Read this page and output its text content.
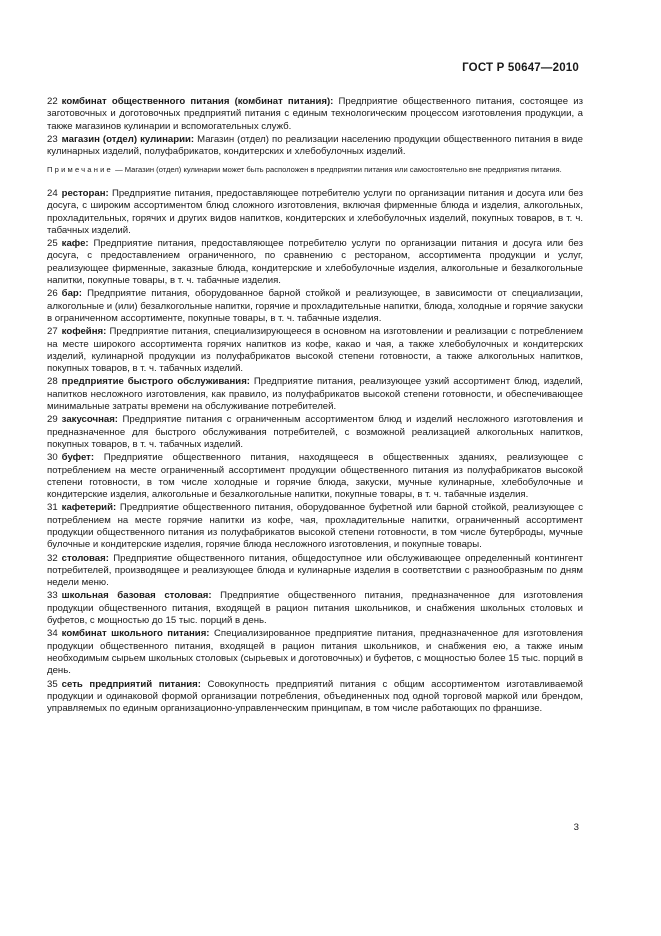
ГОСТ Р 50647—2010

22 комбинат общественного питания (комбинат питания): Предприятие общественного питания, состоящее из заготовочных и доготовочных предприятий питания с единым технологическим процессом изготовления продукции, а также магазинов кулинарии и вспомогательных служб.

23 магазин (отдел) кулинарии: Магазин (отдел) по реализации населению продукции общественного питания в виде кулинарных изделий, полуфабрикатов, кондитерских и хлебобулочных изделий.

Примечание — Магазин (отдел) кулинарии может быть расположен в предприятии питания или самостоятельно вне предприятия питания.

24 ресторан: Предприятие питания, предоставляющее потребителю услуги по организации питания и досуга или без досуга, с широким ассортиментом блюд сложного изготовления, включая фирменные блюда и изделия, алкогольных, прохладительных, горячих и других видов напитков, кондитерских и хлебобулочных изделий, покупных товаров, в т. ч. табачных изделий.

25 кафе: Предприятие питания, предоставляющее потребителю услуги по организации питания и досуга или без досуга, с предоставлением ограниченного, по сравнению с рестораном, ассортимента продукции и услуг, реализующее фирменные, заказные блюда, кондитерские и хлебобулочные изделия, алкогольные и безалкогольные напитки, покупные товары, в т. ч. табачные изделия.

26 бар: Предприятие питания, оборудованное барной стойкой и реализующее, в зависимости от специализации, алкогольные и (или) безалкогольные напитки, горячие и прохладительные напитки, блюда, холодные и горячие закуски в ограниченном ассортименте, покупные товары, в т. ч. табачные изделия.

27 кофейня: Предприятие питания, специализирующееся в основном на изготовлении и реализации с потреблением на месте широкого ассортимента горячих напитков из кофе, какао и чая, а также хлебобулочных и кондитерских изделий, кулинарной продукции из полуфабрикатов высокой степени готовности, а также алкогольных напитков, покупных товаров, в т. ч. табачных изделий.

28 предприятие быстрого обслуживания: Предприятие питания, реализующее узкий ассортимент блюд, изделий, напитков несложного изготовления, как правило, из полуфабрикатов высокой степени готовности, и обеспечивающее минимальные затраты времени на обслуживание потребителей.

29 закусочная: Предприятие питания с ограниченным ассортиментом блюд и изделий несложного изготовления и предназначенное для быстрого обслуживания потребителей, с возможной реализацией алкогольных напитков, покупных товаров, в т. ч. табачных изделий.

30 буфет: Предприятие общественного питания, находящееся в общественных зданиях, реализующее с потреблением на месте ограниченный ассортимент продукции общественного питания из полуфабрикатов высокой степени готовности, в том числе холодные и горячие блюда, закуски, мучные кулинарные, хлебобулочные и кондитерские изделия, алкогольные и безалкогольные напитки, покупные товары, в т. ч. табачные изделия.

31 кафетерий: Предприятие общественного питания, оборудованное буфетной или барной стойкой, реализующее с потреблением на месте горячие напитки из кофе, чая, прохладительные напитки, ограниченный ассортимент продукции общественного питания из полуфабрикатов высокой степени готовности, в том числе бутерброды, мучные булочные и кондитерские изделия, горячие блюда несложного изготовления, и покупные товары.

32 столовая: Предприятие общественного питания, общедоступное или обслуживающее определенный контингент потребителей, производящее и реализующее блюда и кулинарные изделия в соответствии с разнообразным по дням недели меню.

33 школьная базовая столовая: Предприятие общественного питания, предназначенное для изготовления продукции общественного питания, входящей в рацион питания школьников, и снабжения школьных столовых и буфетов, с мощностью до 15 тыс. порций в день.

34 комбинат школьного питания: Специализированное предприятие питания, предназначенное для изготовления продукции общественного питания, входящей в рацион питания школьников, и снабжения ею, а также иным необходимым сырьем школьных столовых (сырьевых и доготовочных) и буфетов, с мощностью более 15 тыс. порций в день.

35 сеть предприятий питания: Совокупность предприятий питания с общим ассортиментом изготавливаемой продукции и одинаковой формой организации потребления, объединенных под одной торговой маркой или брендом, управляемых по единым организационно-управленческим принципам, в том числе работающих по франшизе.

3
